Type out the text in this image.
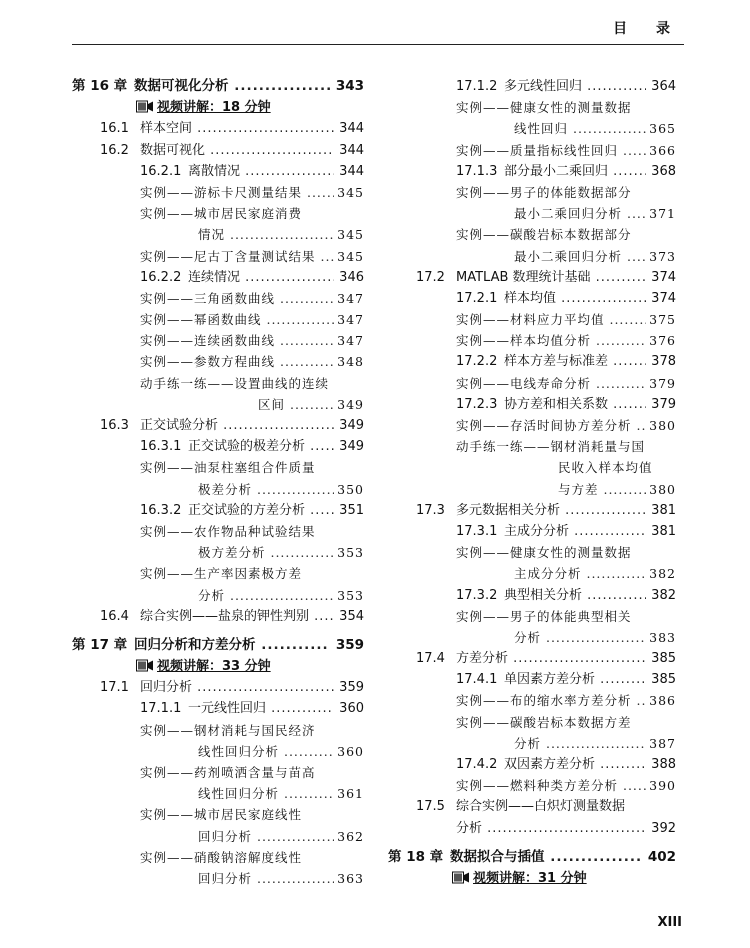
目 录
第 16 章 数据可视化分析 .....	343
视频讲解：18 分钟
16.1 样本空间 .....	344
16.2 数据可视化 .....	344
16.2.1 离散情况 .....	344
实例——游标卡尺测量结果 .....	345
实例——城市居民家庭消费
情况 .....	345
实例——尼古丁含量测试结果 .....	345
16.2.2 连续情况 .....	346
实例——三角函数曲线 .....	347
实例——幂函数曲线 .....	347
实例——连续函数曲线 .....	347
实例——参数方程曲线 .....	348
动手练一练——设置曲线的连续
区间 .....	349
16.3 正交试验分析 .....	349
16.3.1 正交试验的极差分析 .....	349
实例——油泵柱塞组合件质量
极差分析 .....	350
16.3.2 正交试验的方差分析 .....	351
实例——农作物品种试验结果
极方差分析 .....	353
实例——生产率因素极方差
分析 .....	353
16.4 综合实例——盐泉的钾性判别 .....	354
第 17 章 回归分析和方差分析 .....	359
视频讲解：33 分钟
17.1 回归分析 .....	359
17.1.1 一元线性回归 .....	360
实例——钢材消耗与国民经济
线性回归分析 .....	360
实例——药剂喷洒含量与苗高
线性回归分析 .....	361
实例——城市居民家庭线性
回归分析 .....	362
实例——硝酸钠溶解度线性
回归分析 .....	363
17.1.2 多元线性回归 .....	364
实例——健康女性的测量数据
线性回归 .....	365
实例——质量指标线性回归 .....	366
17.1.3 部分最小二乘回归 .....	368
实例——男子的体能数据部分
最小二乘回归分析 .....	371
实例——碳酸岩标本数据部分
最小二乘回归分析 .....	373
17.2 MATLAB 数理统计基础 .....	374
17.2.1 样本均值 .....	374
实例——材料应力平均值 .....	375
实例——样本均值分析 .....	376
17.2.2 样本方差与标准差 .....	378
实例——电线寿命分析 .....	379
17.2.3 协方差和相关系数 .....	379
实例——存活时间协方差分析 .....	380
动手练一练——钢材消耗量与国
民收入样本均值
与方差 .....	380
17.3 多元数据相关分析 .....	381
17.3.1 主成分分析 .....	381
实例——健康女性的测量数据
主成分分析 .....	382
17.3.2 典型相关分析 .....	382
实例——男子的体能典型相关
分析 .....	383
17.4 方差分析 .....	385
17.4.1 单因素方差分析 .....	385
实例——布的缩水率方差分析 .....	386
实例——碳酸岩标本数据方差
分析 .....	387
17.4.2 双因素方差分析 .....	388
实例——燃料种类方差分析 .....	390
17.5 综合实例——白炽灯测量数据
分析 .....	392
第 18 章 数据拟合与插值 .....	402
视频讲解：31 分钟
XIII
